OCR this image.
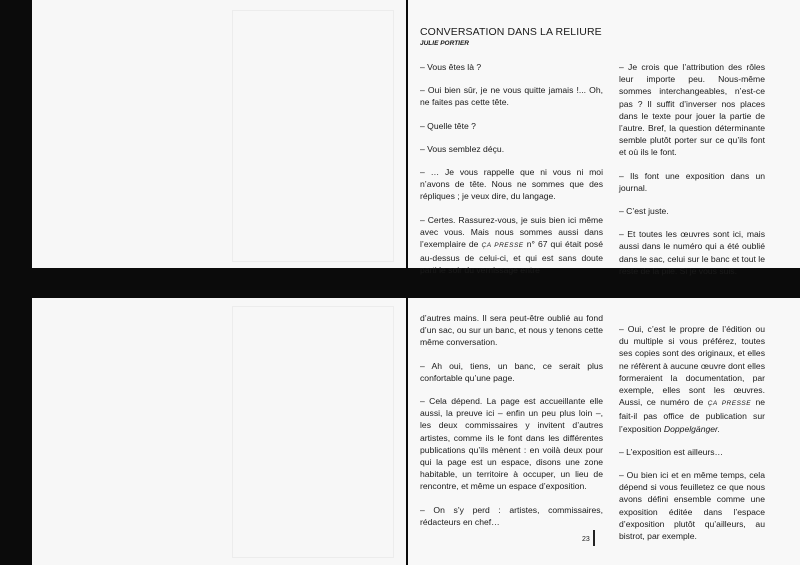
CONVERSATION DANS LA RELIURE
JULIE PORTIER

– Vous êtes là ?

– Oui bien sûr, je ne vous quitte jamais !... Oh, ne faites pas cette tête.

– Quelle tête ?

– Vous semblez déçu.

– … Je vous rappelle que ni vous ni moi n’avons de tête. Nous ne sommes que des répliques ; je veux dire, du langage.

– Certes. Rassurez-vous, je suis bien ici même avec vous. Mais nous sommes aussi dans l’exemplaire de ÇA PRESSE n° 67 qui était posé au-dessus de celui-ci, et qui est sans doute parti le soir du vernissage entre

– Je crois que l’attribution des rôles leur importe peu. Nous-même sommes interchangeables, n’est-ce pas ? Il suffit d’inverser nos places dans le texte pour jouer la partie de l’autre. Bref, la question déterminante semble plutôt porter sur ce qu’ils font et où ils le font.

– Ils font une exposition dans un journal.

– C’est juste.

– Et toutes les œuvres sont ici, mais aussi dans le numéro qui a été oublié dans le sac, celui sur le banc et tout le reste de la pile. Si je vous suis.

d’autres mains. Il sera peut-être oublié au fond d’un sac, ou sur un banc, et nous y tenons cette même conversation.

– Ah oui, tiens, un banc, ce serait plus confortable qu’une page.

– Cela dépend. La page est accueillante elle aussi, la preuve ici – enfin un peu plus loin –, les deux commissaires y invitent d’autres artistes, comme ils le font dans les différentes publications qu’ils mènent : en voilà deux pour qui la page est un espace, disons une zone habitable, un territoire à occuper, un lieu de rencontre, et même un espace d’exposition.

– On s’y perd : artistes, commissaires, rédacteurs en chef…

– Oui, c’est le propre de l’édition ou du multiple si vous préférez, toutes ses copies sont des originaux, et elles ne réfèrent à aucune œuvre dont elles formeraient la documentation, par exemple, elles sont les œuvres. Aussi, ce numéro de ÇA PRESSE ne fait-il pas office de publication sur l’exposition Doppelgänger.

– L’exposition est ailleurs…

– Ou bien ici et en même temps, cela dépend si vous feuilletez ce que nous avons défini ensemble comme une exposition éditée dans l’espace d’exposition plutôt qu’ailleurs, au bistrot, par exemple.

23
